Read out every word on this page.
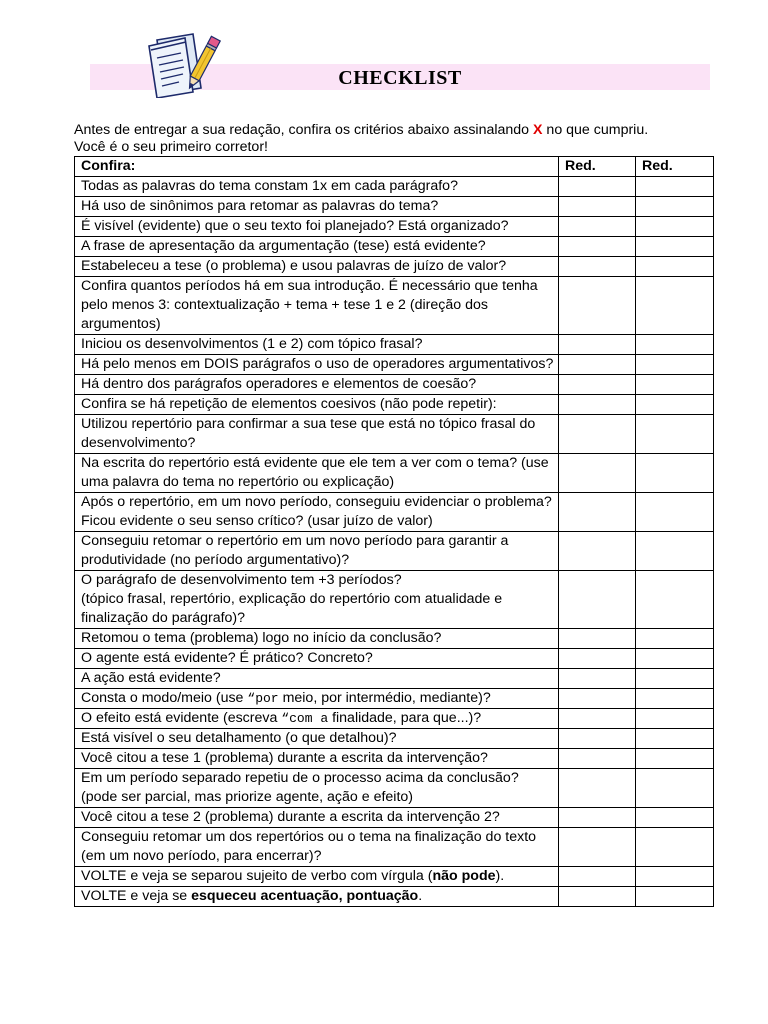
CHECKLIST
Antes de entregar a sua redação, confira os critérios abaixo assinalando X no que cumpriu.
Você é o seu primeiro corretor!
Confira:	Red.	Red.
Todas as palavras do tema constam 1x em cada parágrafo?		
Há uso de sinônimos para retomar as palavras do tema?		
É visível (evidente) que o seu texto foi planejado? Está organizado?		
A frase de apresentação da argumentação (tese) está evidente?		
Estabeleceu a tese (o problema) e usou palavras de juízo de valor?		
Confira quantos períodos há em sua introdução. É necessário que tenha pelo menos 3: contextualização + tema + tese 1 e 2 (direção dos argumentos)		
Iniciou os desenvolvimentos (1 e 2) com tópico frasal?		
Há pelo menos em DOIS parágrafos o uso de operadores argumentativos?		
Há dentro dos parágrafos operadores e elementos de coesão?		
Confira se há repetição de elementos coesivos (não pode repetir):		
Utilizou repertório para confirmar a sua tese que está no tópico frasal do desenvolvimento?		
Na escrita do repertório está evidente que ele tem a ver com o tema? (use uma palavra do tema no repertório ou explicação)		
Após o repertório, em um novo período, conseguiu evidenciar o problema? Ficou evidente o seu senso crítico? (usar juízo de valor)		
Conseguiu retomar o repertório em um novo período para garantir a produtividade (no período argumentativo)?		
O parágrafo de desenvolvimento tem +3 períodos?
(tópico frasal, repertório, explicação do repertório com atualidade e finalização do parágrafo)?		
Retomou o tema (problema) logo no início da conclusão?		
O agente está evidente? É prático? Concreto?		
A ação está evidente?		
Consta o modo/meio (use “por meio, por intermédio, mediante)?		
O efeito está evidente (escreva “com a finalidade, para que...)?		
Está visível o seu detalhamento (o que detalhou)?		
Você citou a tese 1 (problema) durante a escrita da intervenção?		
Em um período separado repetiu de o processo acima da conclusão? (pode ser parcial, mas priorize agente, ação e efeito)		
Você citou a tese 2 (problema) durante a escrita da intervenção 2?		
Conseguiu retomar um dos repertórios ou o tema na finalização do texto (em um novo período, para encerrar)?		
VOLTE e veja se separou sujeito de verbo com vírgula (não pode).		
VOLTE e veja se esqueceu acentuação, pontuação.		
